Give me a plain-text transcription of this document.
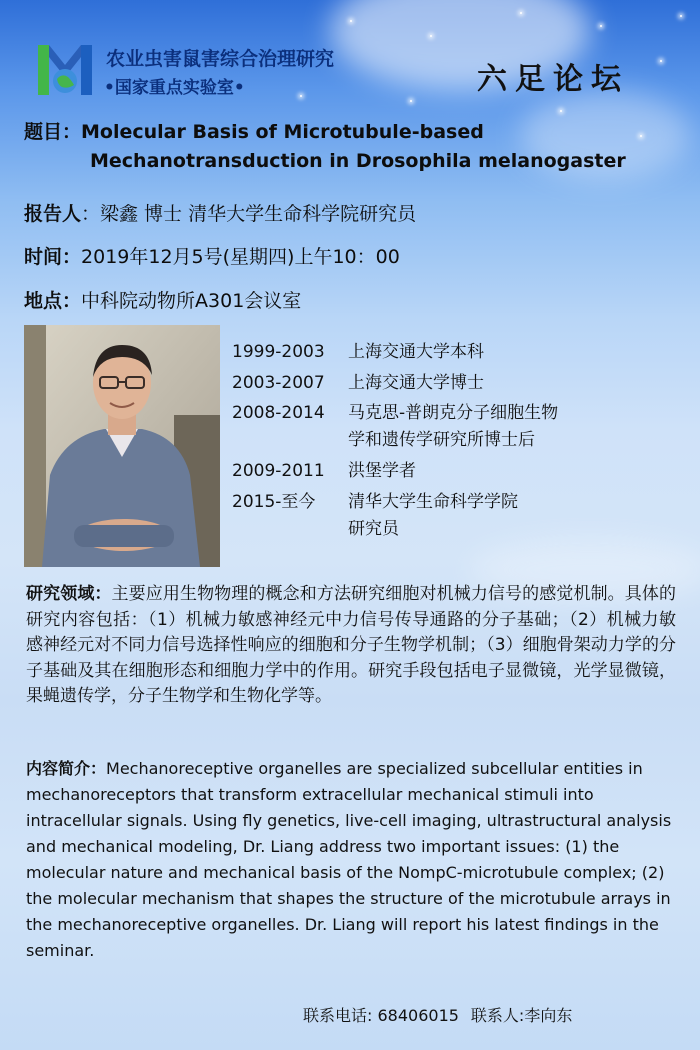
农业虫害鼠害综合治理研究
•国家重点实验室•	六足论坛
题目：Molecular Basis of Microtubule-based
Mechanotransduction in Drosophila melanogaster
报告人：梁鑫 博士 清华大学生命科学院研究员
时间：2019年12月5号(星期四)上午10：00
地点：中科院动物所A301会议室
1999-2003 上海交通大学本科
2003-2007 上海交通大学博士
2008-2014 马克思-普朗克分子细胞生物
学和遗传学研究所博士后
2009-2011 洪堡学者
2015-至今 清华大学生命科学学院
研究员
研究领域：主要应用生物物理的概念和方法研究细胞对机械力信号的感觉机制。具体的研究内容包括：（1）机械力敏感神经元中力信号传导通路的分子基础；（2）机械力敏感神经元对不同力信号选择性响应的细胞和分子生物学机制；（3）细胞骨架动力学的分子基础及其在细胞形态和细胞力学中的作用。研究手段包括电子显微镜，光学显微镜，果蝇遗传学，分子生物学和生物化学等。
内容简介：Mechanoreceptive organelles are specialized subcellular entities in mechanoreceptors that transform extracellular mechanical stimuli into intracellular signals. Using fly genetics, live-cell imaging, ultrastructural analysis and mechanical modeling, Dr. Liang address two important issues: (1) the molecular nature and mechanical basis of the NompC-microtubule complex; (2) the molecular mechanism that shapes the structure of the microtubule arrays in the mechanoreceptive organelles. Dr. Liang will report his latest findings in the seminar.
联系电话: 68406015 联系人:李向东
